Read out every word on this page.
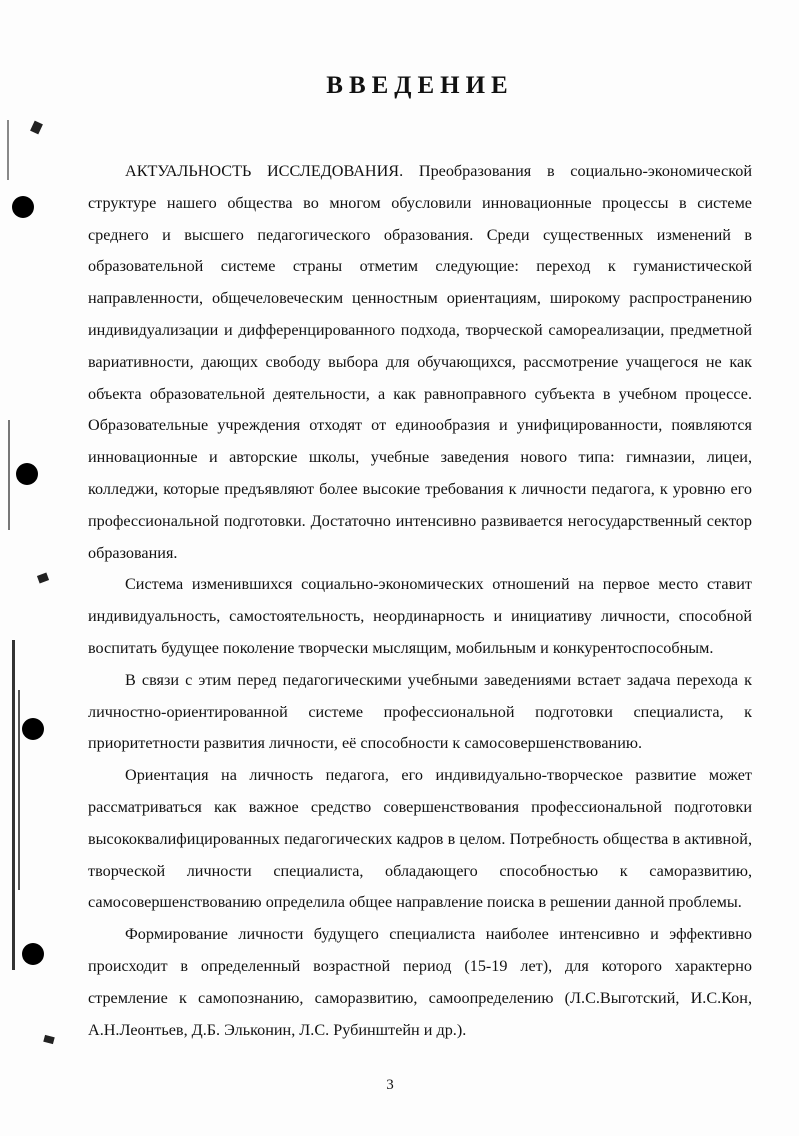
ВВЕДЕНИЕ

АКТУАЛЬНОСТЬ ИССЛЕДОВАНИЯ. Преобразования в социально-экономической структуре нашего общества во многом обусловили инновационные процессы в системе среднего и высшего педагогического образования. Среди существенных изменений в образовательной системе страны отметим следующие: переход к гуманистической направленности, общечеловеческим ценностным ориентациям, широкому распространению индивидуализации и дифференцированного подхода, творческой самореализации, предметной вариативности, дающих свободу выбора для обучающихся, рассмотрение учащегося не как объекта образовательной деятельности, а как равноправного субъекта в учебном процессе. Образовательные учреждения отходят от единообразия и унифицированности, появляются инновационные и авторские школы, учебные заведения нового типа: гимназии, лицеи, колледжи, которые предъявляют более высокие требования к личности педагога, к уровню его профессиональной подготовки. Достаточно интенсивно развивается негосударственный сектор образования.

Система изменившихся социально-экономических отношений на первое место ставит индивидуальность, самостоятельность, неординарность и инициативу личности, способной воспитать будущее поколение творчески мыслящим, мобильным и конкурентоспособным.

В связи с этим перед педагогическими учебными заведениями встает задача перехода к личностно-ориентированной системе профессиональной подготовки специалиста, к приоритетности развития личности, её способности к самосовершенствованию.

Ориентация на личность педагога, его индивидуально-творческое развитие может рассматриваться как важное средство совершенствования профессиональной подготовки высококвалифицированных педагогических кадров в целом. Потребность общества в активной, творческой личности специалиста, обладающего способностью к саморазвитию, самосовершенствованию определила общее направление поиска в решении данной проблемы.

Формирование личности будущего специалиста наиболее интенсивно и эффективно происходит в определенный возрастной период (15-19 лет), для которого характерно стремление к самопознанию, саморазвитию, самоопределению (Л.С.Выготский, И.С.Кон, А.Н.Леонтьев, Д.Б. Эльконин, Л.С. Рубинштейн и др.).

3
